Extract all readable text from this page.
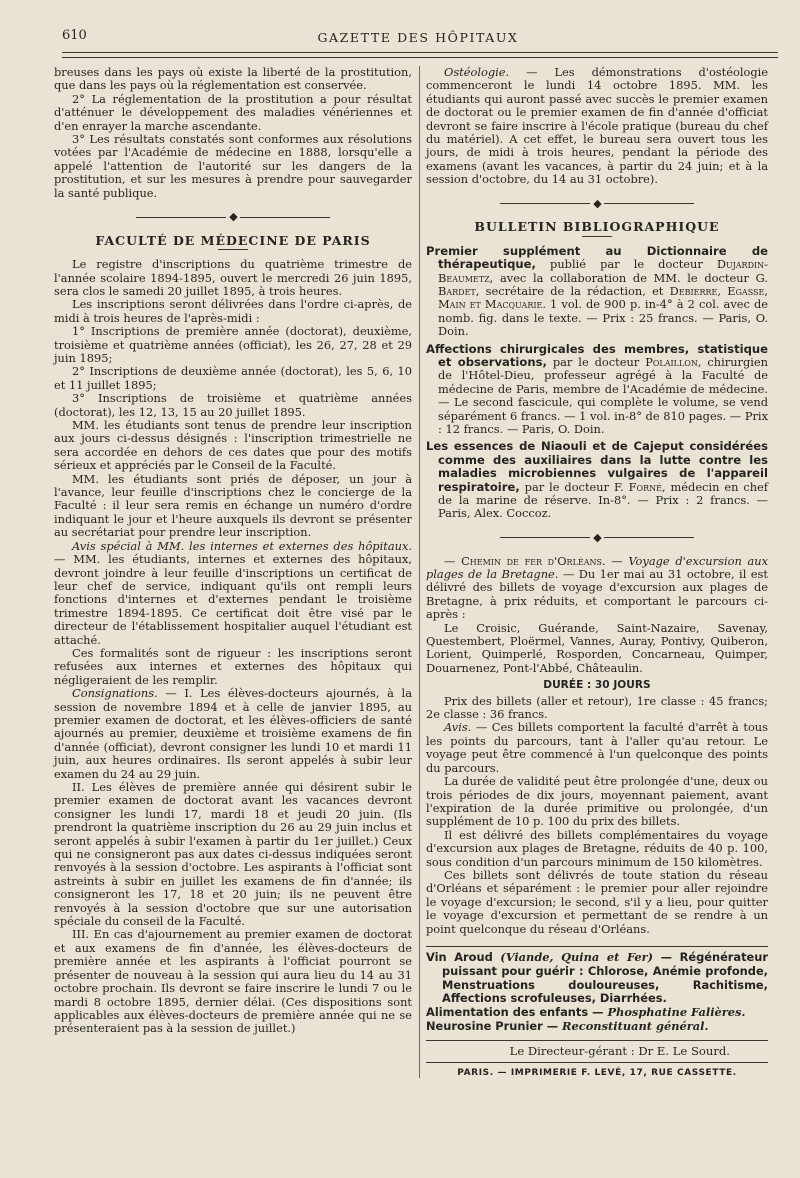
610	GAZETTE DES HÔPITAUX

breuses dans les pays où existe la liberté de la prostitution, que dans les pays où la réglementation est conservée.

2° La réglementation de la prostitution a pour résultat d'atténuer le développement des maladies vénériennes et d'en enrayer la marche ascendante.

3° Les résultats constatés sont conformes aux résolutions votées par l'Académie de médecine en 1888, lorsqu'elle a appelé l'attention de l'autorité sur les dangers de la prostitution, et sur les mesures à prendre pour sauvegarder la santé publique.

◆
FACULTÉ DE MÉDECINE DE PARIS

Le registre d'inscriptions du quatrième trimestre de l'année scolaire 1894-1895, ouvert le mercredi 26 juin 1895, sera clos le samedi 20 juillet 1895, à trois heures.

Les inscriptions seront délivrées dans l'ordre ci-après, de midi à trois heures de l'après-midi :

1° Inscriptions de première année (doctorat), deuxième, troisième et quatrième années (officiat), les 26, 27, 28 et 29 juin 1895;

2° Inscriptions de deuxième année (doctorat), les 5, 6, 10 et 11 juillet 1895;

3° Inscriptions de troisième et quatrième années (doctorat), les 12, 13, 15 au 20 juillet 1895.

MM. les étudiants sont tenus de prendre leur inscription aux jours ci-dessus désignés : l'inscription trimestrielle ne sera accordée en dehors de ces dates que pour des motifs sérieux et appréciés par le Conseil de la Faculté.

MM. les étudiants sont priés de déposer, un jour à l'avance, leur feuille d'inscriptions chez le concierge de la Faculté : il leur sera remis en échange un numéro d'ordre indiquant le jour et l'heure auxquels ils devront se présenter au secrétariat pour prendre leur inscription.

Avis spécial à MM. les internes et externes des hôpitaux. — MM. les étudiants, internes et externes des hôpitaux, devront joindre à leur feuille d'inscriptions un certificat de leur chef de service, indiquant qu'ils ont rempli leurs fonctions d'internes et d'externes pendant le troisième trimestre 1894-1895. Ce certificat doit être visé par le directeur de l'établissement hospitalier auquel l'étudiant est attaché.

Ces formalités sont de rigueur : les inscriptions seront refusées aux internes et externes des hôpitaux qui négligeraient de les remplir.

Consignations. — I. Les élèves-docteurs ajournés, à la session de novembre 1894 et à celle de janvier 1895, au premier examen de doctorat, et les élèves-officiers de santé ajournés au premier, deuxième et troisième examens de fin d'année (officiat), devront consigner les lundi 10 et mardi 11 juin, aux heures ordinaires. Ils seront appelés à subir leur examen du 24 au 29 juin.

II. Les élèves de première année qui désirent subir le premier examen de doctorat avant les vacances devront consigner les lundi 17, mardi 18 et jeudi 20 juin. (Ils prendront la quatrième inscription du 26 au 29 juin inclus et seront appelés à subir l'examen à partir du 1er juillet.) Ceux qui ne consigneront pas aux dates ci-dessus indiquées seront renvoyés à la session d'octobre. Les aspirants à l'officiat sont astreints à subir en juillet les examens de fin d'année; ils consigneront les 17, 18 et 20 juin; ils ne peuvent être renvoyés à la session d'octobre que sur une autorisation spéciale du conseil de la Faculté.

III. En cas d'ajournement au premier examen de doctorat et aux examens de fin d'année, les élèves-docteurs de première année et les aspirants à l'officiat pourront se présenter de nouveau à la session qui aura lieu du 14 au 31 octobre prochain. Ils devront se faire inscrire le lundi 7 ou le mardi 8 octobre 1895, dernier délai. (Ces dispositions sont applicables aux élèves-docteurs de première année qui ne se présenteraient pas à la session de juillet.)

Ostéologie. — Les démonstrations d'ostéologie commenceront le lundi 14 octobre 1895. MM. les étudiants qui auront passé avec succès le premier examen de doctorat ou le premier examen de fin d'année d'officiat devront se faire inscrire à l'école pratique (bureau du chef du matériel). A cet effet, le bureau sera ouvert tous les jours, de midi à trois heures, pendant la période des examens (avant les vacances, à partir du 24 juin; et à la session d'octobre, du 14 au 31 octobre).

◆
BULLETIN BIBLIOGRAPHIQUE

Premier supplément au Dictionnaire de thérapeutique, publié par le docteur Dujardin-Beaumetz, avec la collaboration de MM. le docteur G. Bardet, secrétaire de la rédaction, et Debierre, Egasse, Main et Macquarie. 1 vol. de 900 p. in-4° à 2 col. avec de nomb. fig. dans le texte. — Prix : 25 francs. — Paris, O. Doin.

Affections chirurgicales des membres, statistique et observations, par le docteur Polaillon, chirurgien de l'Hôtel-Dieu, professeur agrégé à la Faculté de médecine de Paris, membre de l'Académie de médecine. — Le second fascicule, qui complète le volume, se vend séparément 6 francs. — 1 vol. in-8° de 810 pages. — Prix : 12 francs. — Paris, O. Doin.

Les essences de Niaouli et de Cajeput considérées comme des auxiliaires dans la lutte contre les maladies microbiennes vulgaires de l'appareil respiratoire, par le docteur F. Forné, médecin en chef de la marine de réserve. In-8°. — Prix : 2 francs. — Paris, Alex. Coccoz.

◆

— Chemin de fer d'Orléans. — Voyage d'excursion aux plages de la Bretagne. — Du 1er mai au 31 octobre, il est délivré des billets de voyage d'excursion aux plages de Bretagne, à prix réduits, et comportant le parcours ci-après :

Le Croisic, Guérande, Saint-Nazaire, Savenay, Questembert, Ploërmel, Vannes, Auray, Pontivy, Quiberon, Lorient, Quimperlé, Rosporden, Concarneau, Quimper, Douarnenez, Pont-l'Abbé, Châteaulin.

DURÉE : 30 JOURS

Prix des billets (aller et retour), 1re classe : 45 francs; 2e classe : 36 francs.

Avis. — Ces billets comportent la faculté d'arrêt à tous les points du parcours, tant à l'aller qu'au retour. Le voyage peut être commencé à l'un quelconque des points du parcours.

La durée de validité peut être prolongée d'une, deux ou trois périodes de dix jours, moyennant paiement, avant l'expiration de la durée primitive ou prolongée, d'un supplément de 10 p. 100 du prix des billets.

Il est délivré des billets complémentaires du voyage d'excursion aux plages de Bretagne, réduits de 40 p. 100, sous condition d'un parcours minimum de 150 kilomètres.

Ces billets sont délivrés de toute station du réseau d'Orléans et séparément : le premier pour aller rejoindre le voyage d'excursion; le second, s'il y a lieu, pour quitter le voyage d'excursion et permettant de se rendre à un point quelconque du réseau d'Orléans.

Vin Aroud (Viande, Quina et Fer) — Régénérateur puissant pour guérir : Chlorose, Anémie profonde, Menstruations douloureuses, Rachitisme, Affections scrofuleuses, Diarrhées.

Alimentation des enfants — Phosphatine Falières.

Neurosine Prunier — Reconstituant général.

Le Directeur-gérant : Dr E. Le Sourd.
PARIS. — IMPRIMERIE F. LEVÉ, 17, RUE CASSETTE.
